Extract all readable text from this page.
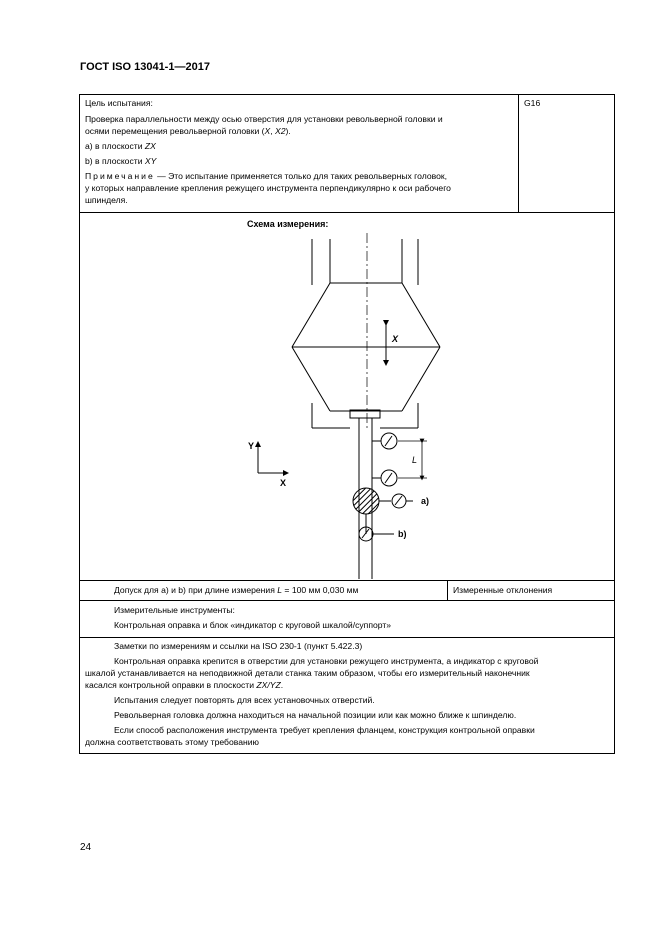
ГОСТ ISO 13041-1—2017
Цель испытания:	G16
Проверка параллельности между осью отверстия для установки револьверной головки и
осями перемещения револьверной головки (X, X2).
а) в плоскости ZX
b) в плоскости XY
Примечание — Это испытание применяется только для таких револьверных головок,
у которых направление крепления режущего инструмента перпендикулярно к оси рабочего
шпинделя.
Схема измерения:
X
L
Y
X
a)
b)
Допуск для а) и b) при длине измерения L = 100 мм 0,030 мм	Измеренные отклонения
Измерительные инструменты:
Контрольная оправка и блок «индикатор с круговой шкалой/суппорт»
Заметки по измерениям и ссылки на ISO 230-1 (пункт 5.422.3)
Контрольная оправка крепится в отверстии для установки режущего инструмента, а индикатор с круговой
шкалой устанавливается на неподвижной детали станка таким образом, чтобы его измерительный наконечник
касался контрольной оправки в плоскости ZX/YZ.
Испытания следует повторять для всех установочных отверстий.
Револьверная головка должна находиться на начальной позиции или как можно ближе к шпинделю.
Если способ расположения инструмента требует крепления фланцем, конструкция контрольной оправки
должна соответствовать этому требованию
24
